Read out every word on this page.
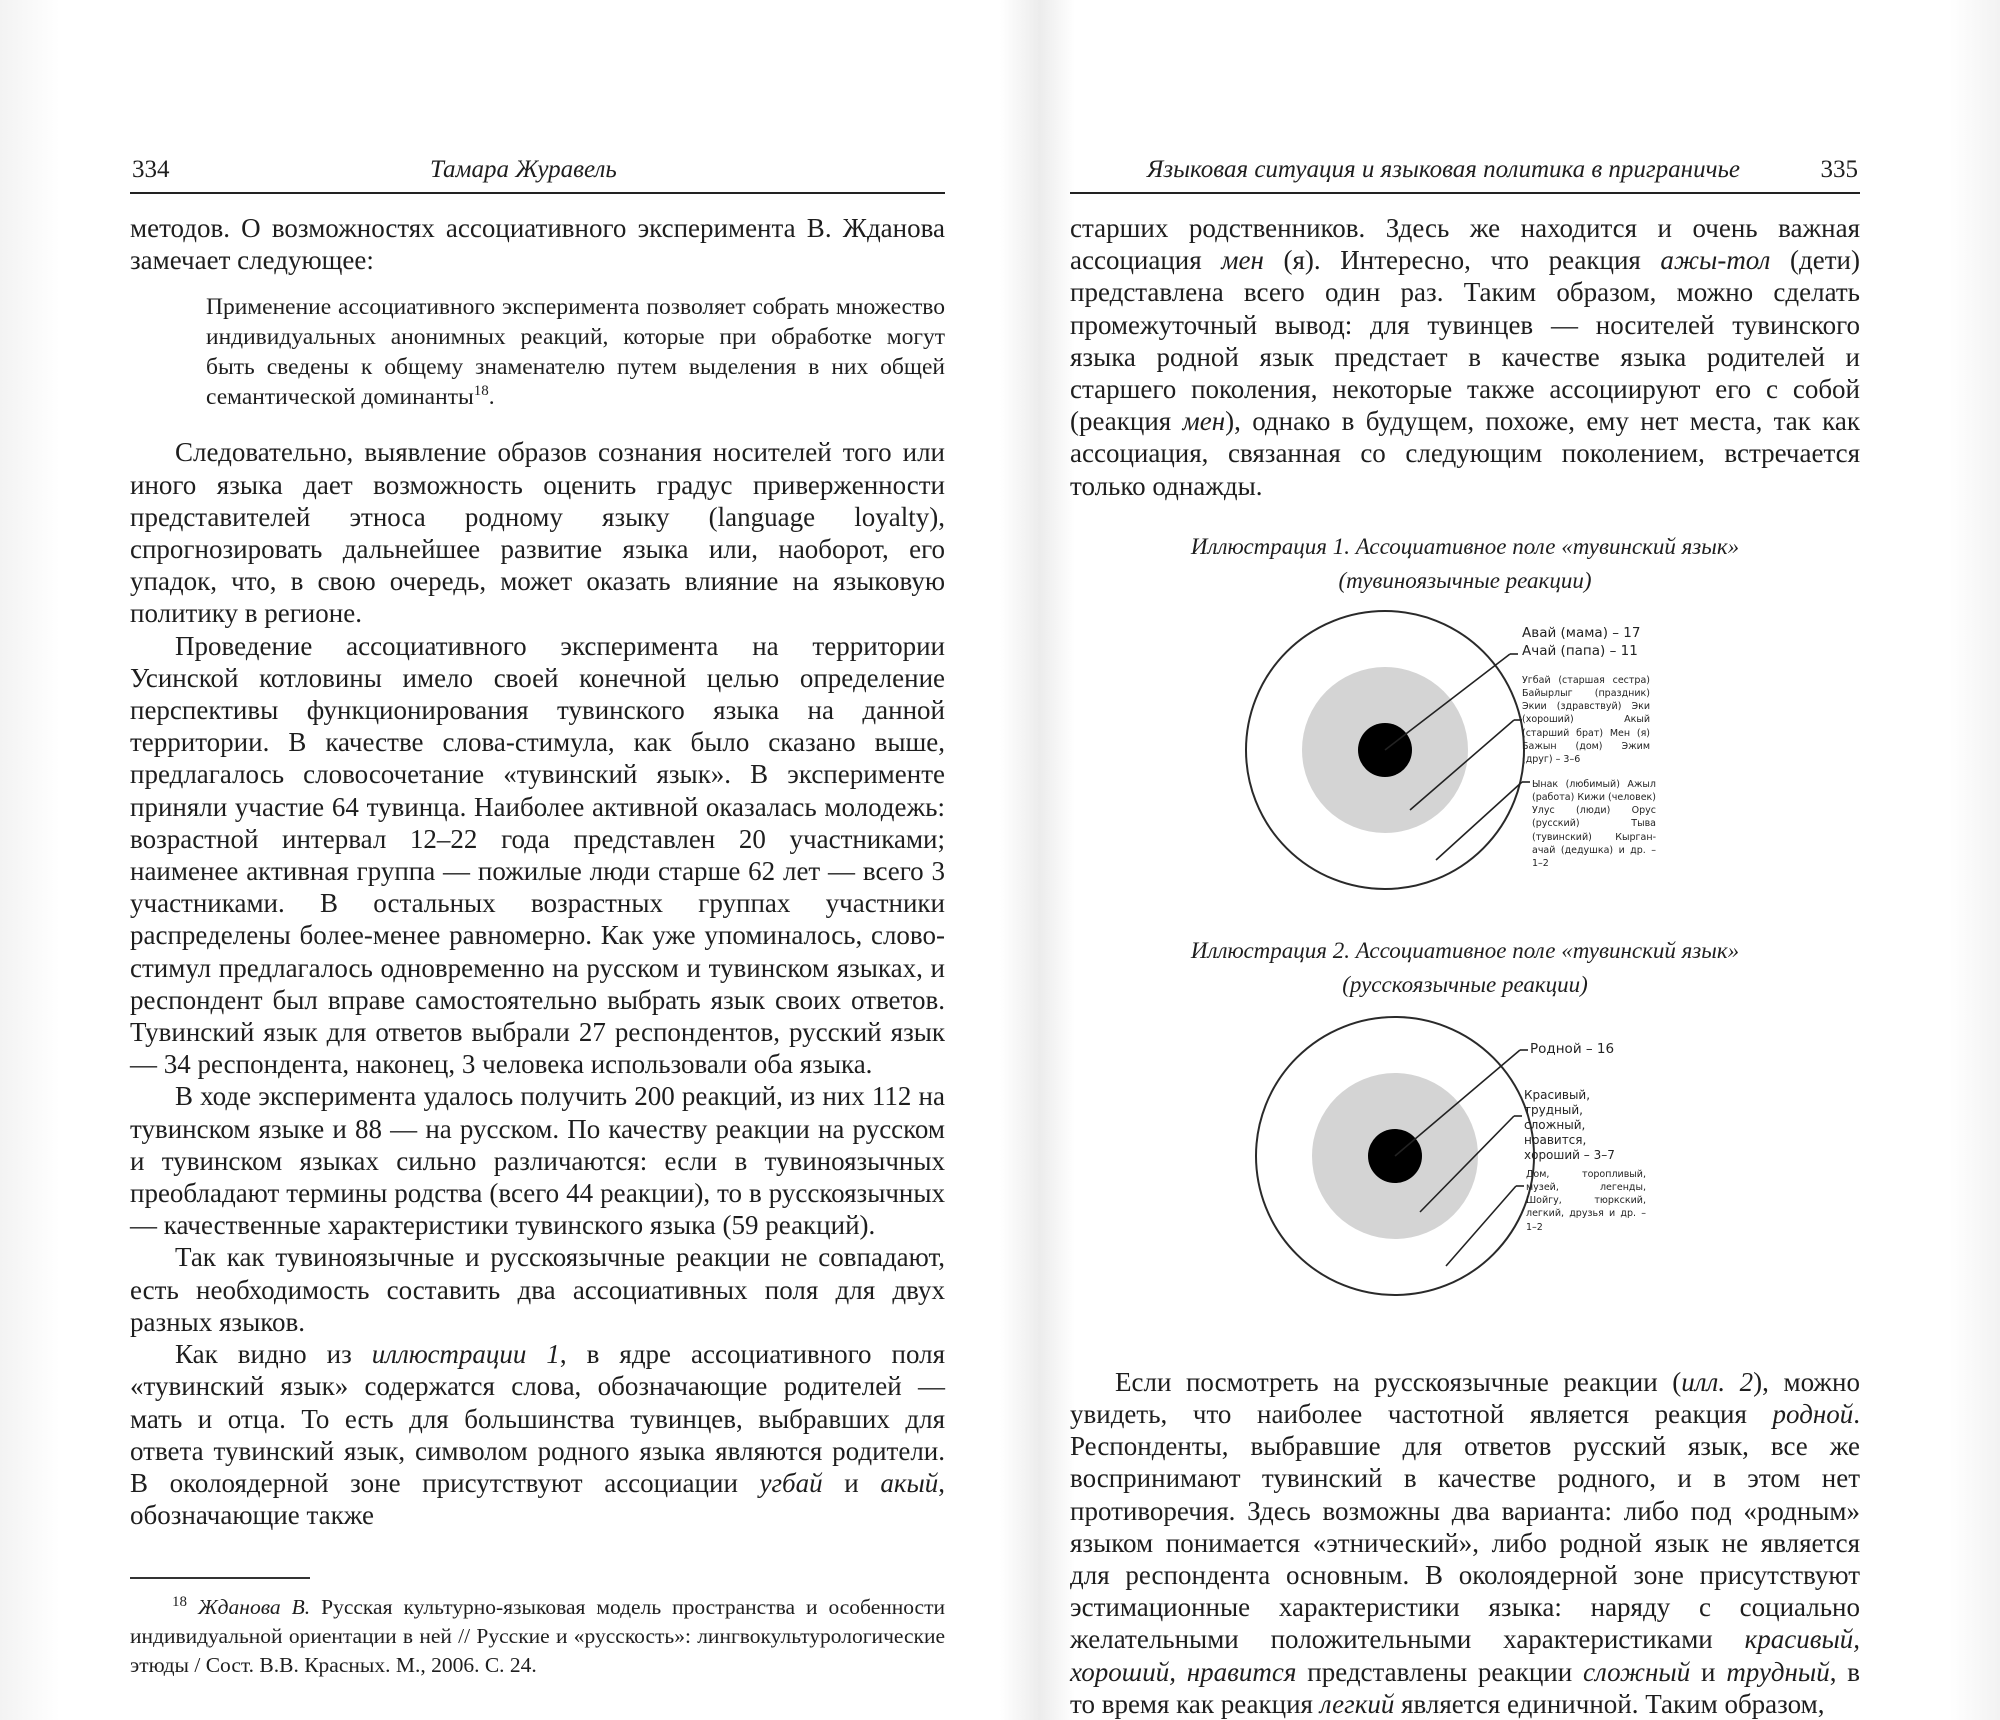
334	Тамара Журавель

методов. О возможностях ассоциативного эксперимента В. Жданова замечает следующее:

Применение ассоциативного эксперимента позволяет собрать множество индивидуальных анонимных реакций, которые при обработке могут быть сведены к общему знаменателю путем выделения в них общей семантической доминанты$^{18}$.

Следовательно, выявление образов сознания носителей того или иного языка дает возможность оценить градус приверженности представителей этноса родному языку (language loyalty), спрогнозировать дальнейшее развитие языка или, наоборот, его упадок, что, в свою очередь, может оказать влияние на языковую политику в регионе.

Проведение ассоциативного эксперимента на территории Усинской котловины имело своей конечной целью определение перспективы функционирования тувинского языка на данной территории. В качестве слова-стимула, как было сказано выше, предлагалось словосочетание «тувинский язык». В эксперименте приняли участие 64 тувинца. Наиболее активной оказалась молодежь: возрастной интервал 12–22 года представлен 20 участниками; наименее активная группа — пожилые люди старше 62 лет — всего 3 участниками. В остальных возрастных группах участники распределены более-менее равномерно. Как уже упоминалось, слово-стимул предлагалось одновременно на русском и тувинском языках, и респондент был вправе самостоятельно выбрать язык своих ответов. Тувинский язык для ответов выбрали 27 респондентов, русский язык — 34 респондента, наконец, 3 человека использовали оба языка.

В ходе эксперимента удалось получить 200 реакций, из них 112 на тувинском языке и 88 — на русском. По качеству реакции на русском и тувинском языках сильно различаются: если в тувиноязычных преобладают термины родства (всего 44 реакции), то в русскоязычных — качественные характеристики тувинского языка (59 реакций).

Так как тувиноязычные и русскоязычные реакции не совпадают, есть необходимость составить два ассоциативных поля для двух разных языков.

Как видно из иллюстрации 1, в ядре ассоциативного поля «тувинский язык» содержатся слова, обозначающие родителей — мать и отца. То есть для большинства тувинцев, выбравших для ответа тувинский язык, символом родного языка являются родители. В околоядерной зоне присутствуют ассоциации угбай и акый, обозначающие также

$^{18}$ Жданова В. Русская культурно-языковая модель пространства и особенности индивидуальной ориентации в ней // Русские и «русскость»: лингвокультурологические этюды / Сост. В.В. Красных. М., 2006. С. 24.
Языковая ситуация и языковая политика в приграничье	335

старших родственников. Здесь же находится и очень важная ассоциация мен (я). Интересно, что реакция ажы-тол (дети) представлена всего один раз. Таким образом, можно сделать промежуточный вывод: для тувинцев — носителей тувинского языка родной язык предстает в качестве языка родителей и старшего поколения, некоторые также ассоциируют его с собой (реакция мен), однако в будущем, похоже, ему нет места, так как ассоциация, связанная со следующим поколением, встречается только однажды.

Иллюстрация 1. Ассоциативное поле «тувинский язык»
(тувиноязычные реакции)
Авай (мама) – 17
Ачай (папа) – 11
Угбай (старшая сестра) Байырлыг (праздник) Экии (здравствуй) Эки (хороший) Акый (старший брат) Мен (я) Бажын (дом) Эжим (друг) – 3–6
Ынак (любимый) Ажыл (работа) Кижи (человек) Улус (люди) Орус (русский) Тыва (тувинский) Кырган-ачай (дедушка) и др. – 1–2
Иллюстрация 2. Ассоциативное поле «тувинский язык»
(русскоязычные реакции)
Родной – 16
Красивый, трудный, сложный, нравится, хороший – 3–7
Дом, торопливый, музей, легенды, Шойгу, тюркский, легкий, друзья и др. – 1–2

Если посмотреть на русскоязычные реакции (илл. 2), можно увидеть, что наиболее частотной является реакция родной. Респонденты, выбравшие для ответов русский язык, все же воспринимают тувинский в качестве родного, и в этом нет противоречия. Здесь возможны два варианта: либо под «родным» языком понимается «этнический», либо родной язык не является для респондента основным. В околоядерной зоне присутствуют эстимационные характеристики языка: наряду с социально желательными положительными характеристиками красивый, хороший, нравится представлены реакции сложный и трудный, в то время как реакция легкий является единичной. Таким образом,
